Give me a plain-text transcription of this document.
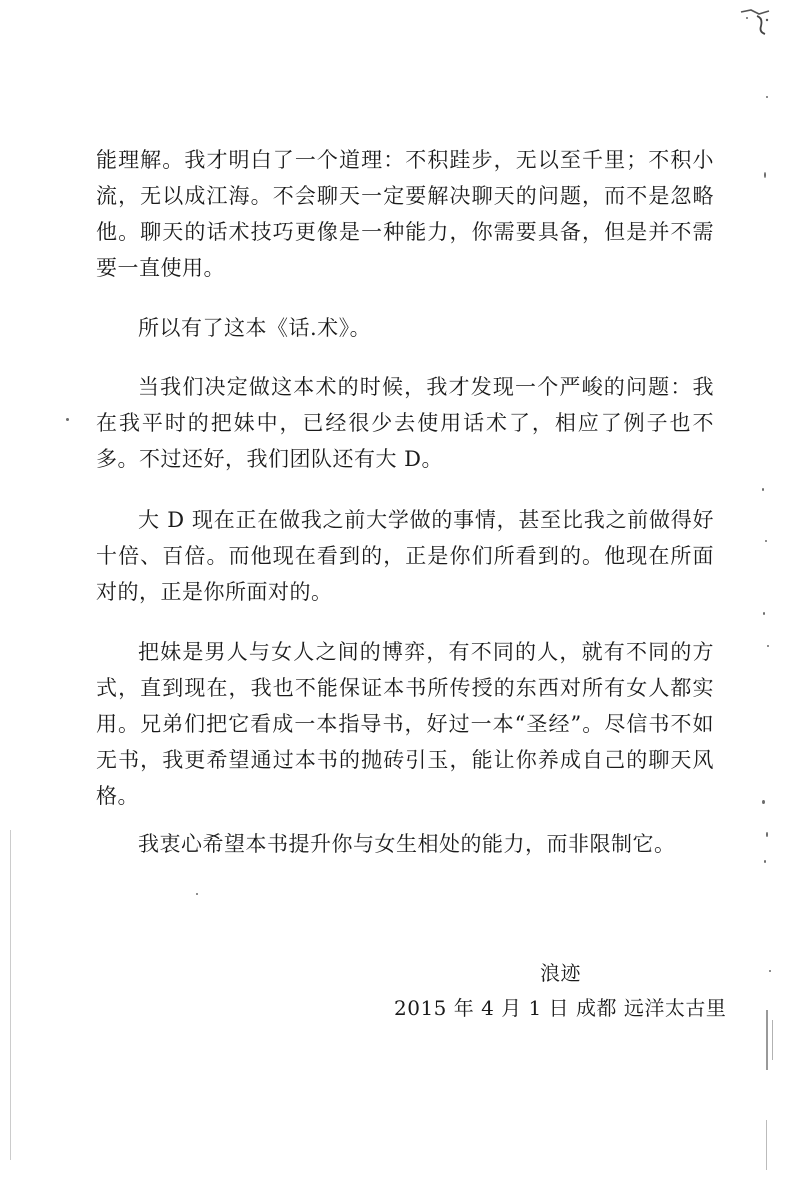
能理解。我才明白了一个道理：不积跬步，无以至千里；不积小流，无以成江海。不会聊天一定要解决聊天的问题，而不是忽略他。聊天的话术技巧更像是一种能力，你需要具备，但是并不需要一直使用。

所以有了这本《话.术》。

当我们决定做这本术的时候，我才发现一个严峻的问题：我在我平时的把妹中，已经很少去使用话术了，相应了例子也不多。不过还好，我们团队还有大 D。

大 D 现在正在做我之前大学做的事情，甚至比我之前做得好十倍、百倍。而他现在看到的，正是你们所看到的。他现在所面对的，正是你所面对的。

把妹是男人与女人之间的博弈，有不同的人，就有不同的方式，直到现在，我也不能保证本书所传授的东西对所有女人都实用。兄弟们把它看成一本指导书，好过一本“圣经”。尽信书不如无书，我更希望通过本书的抛砖引玉，能让你养成自己的聊天风格。

我衷心希望本书提升你与女生相处的能力，而非限制它。

浪迹
2015 年 4 月 1 日 成都 远洋太古里
